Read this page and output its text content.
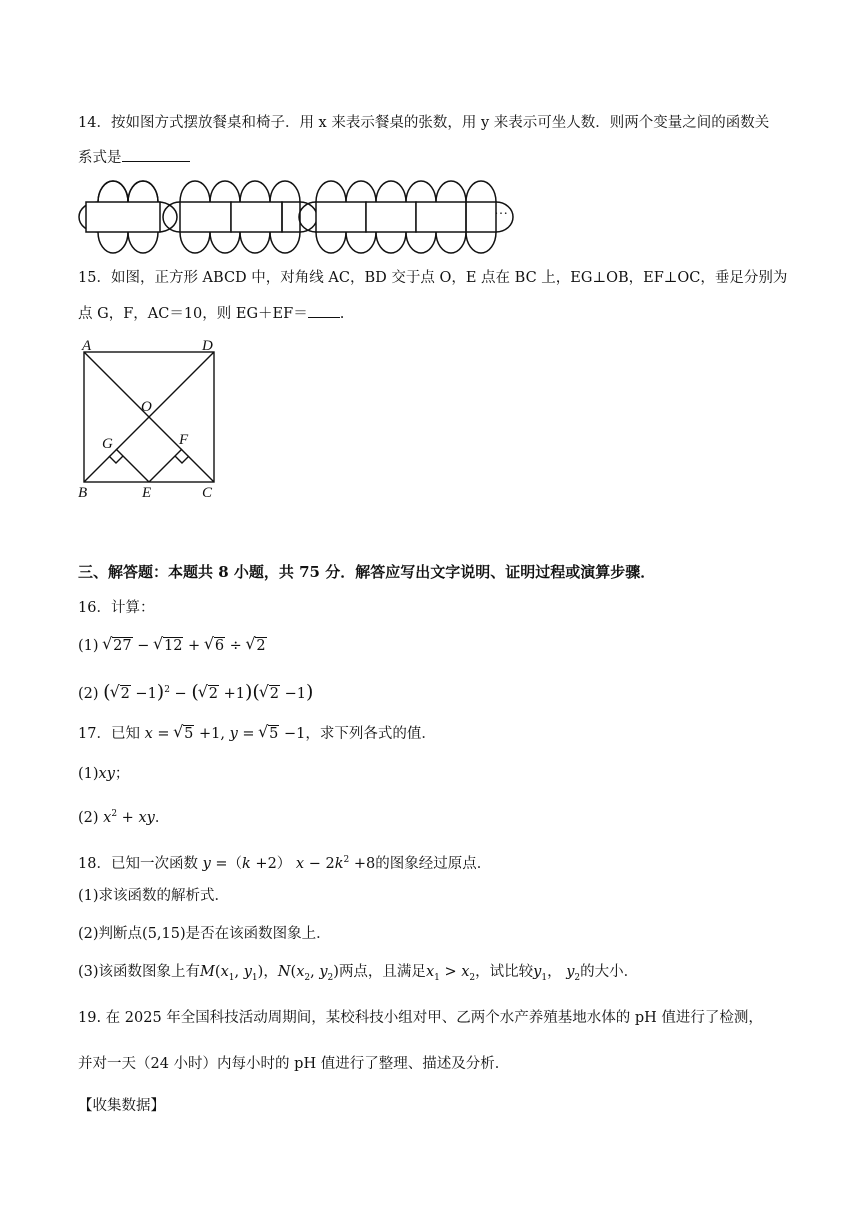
14．按如图方式摆放餐桌和椅子．用 x 来表示餐桌的张数，用 y 来表示可坐人数．则两个变量之间的函数关
系式是
…
15．如图，正方形 ABCD 中，对角线 AC，BD 交于点 O，E 点在 BC 上，EG⊥OB，EF⊥OC，垂足分别为
点 G，F，AC＝10，则 EG＋EF＝ .
A	D
O
G	F
B	E	C
三、解答题：本题共 8 小题，共 75 分．解答应写出文字说明、证明过程或演算步骤．
16．计算：
(1) √ 27 − √ 12 + √ 6 ÷ √ 2
(2) ( √ 2 −1)$^2$ − ( √ 2 +1)( √ 2 −1)
17．已知 x = √ 5 +1, y = √ 5 −1，求下列各式的值．
(1)xy；
(2) $x^2$ + xy．
18．已知一次函数 y =（k +2） $x - 2k^2 +8$的图象经过原点．
(1)求该函数的解析式．
(2)判断点(5,15)是否在该函数图象上．
(3)该函数图象上有$M(x_1$, $y_1$)，$N(x_2$, $y_2$)两点，且满足$x_1 > x_2$，试比较$y_1$， $y_2$的大小．
19. 在 2025 年全国科技活动周期间，某校科技小组对甲、乙两个水产养殖基地水体的 pH 值进行了检测，
并对一天（24 小时）内每小时的 pH 值进行了整理、描述及分析．
【收集数据】
